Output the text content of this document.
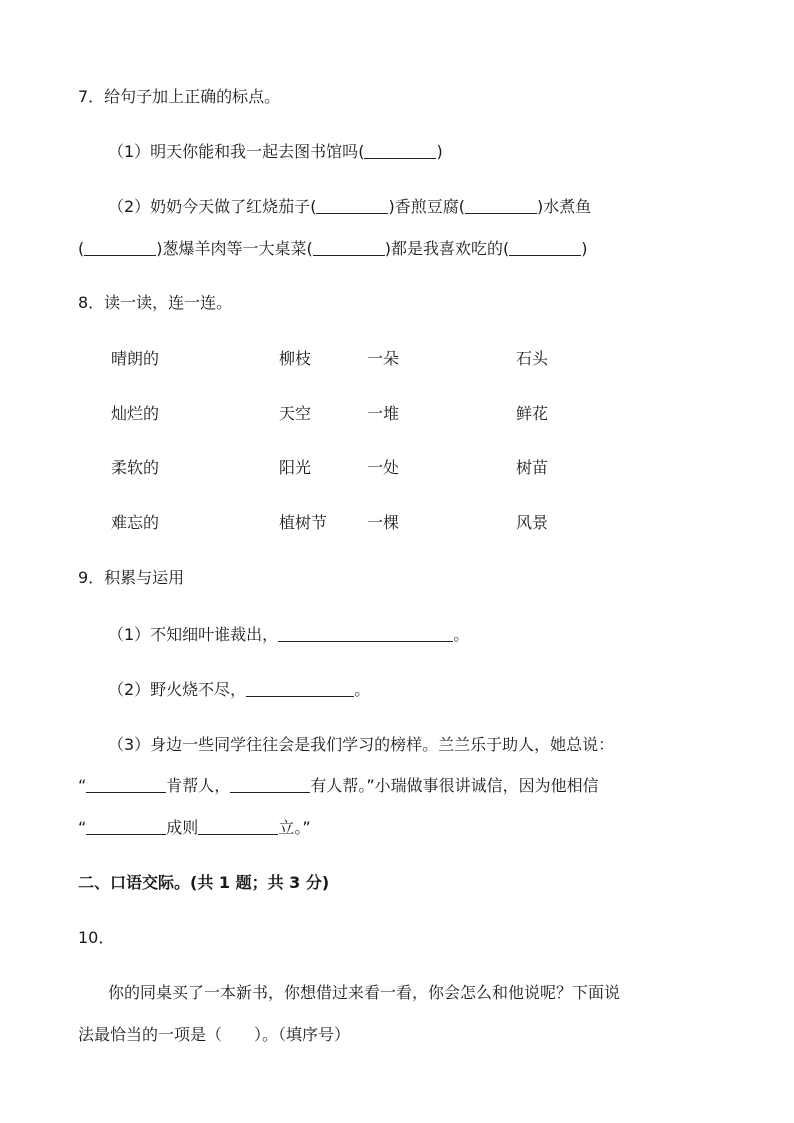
7．给句子加上正确的标点。
（1）明天你能和我一起去图书馆吗(	)
（2）奶奶今天做了红烧茄子(	)香煎豆腐(	)水煮鱼
(	)葱爆羊肉等一大桌菜(	)都是我喜欢吃的(	)
8．读一读，连一连。
晴朗的	柳枝	一朵	石头
灿烂的	天空	一堆	鲜花
柔软的	阳光	一处	树苗
难忘的	植树节 一棵	风景
9．积累与运用
（1）不知细叶谁裁出，	。
（2）野火烧不尽，	。
（3）身边一些同学往往会是我们学习的榜样。兰兰乐于助人，她总说：
“	肯帮人，	有人帮。”小瑞做事很讲诚信，因为他相信
“	成则	立。”
二、口语交际。(共 1 题；共 3 分)
10．
你的同桌买了一本新书，你想借过来看一看，你会怎么和他说呢？下面说
法最恰当的一项是（　　）。（填序号）
